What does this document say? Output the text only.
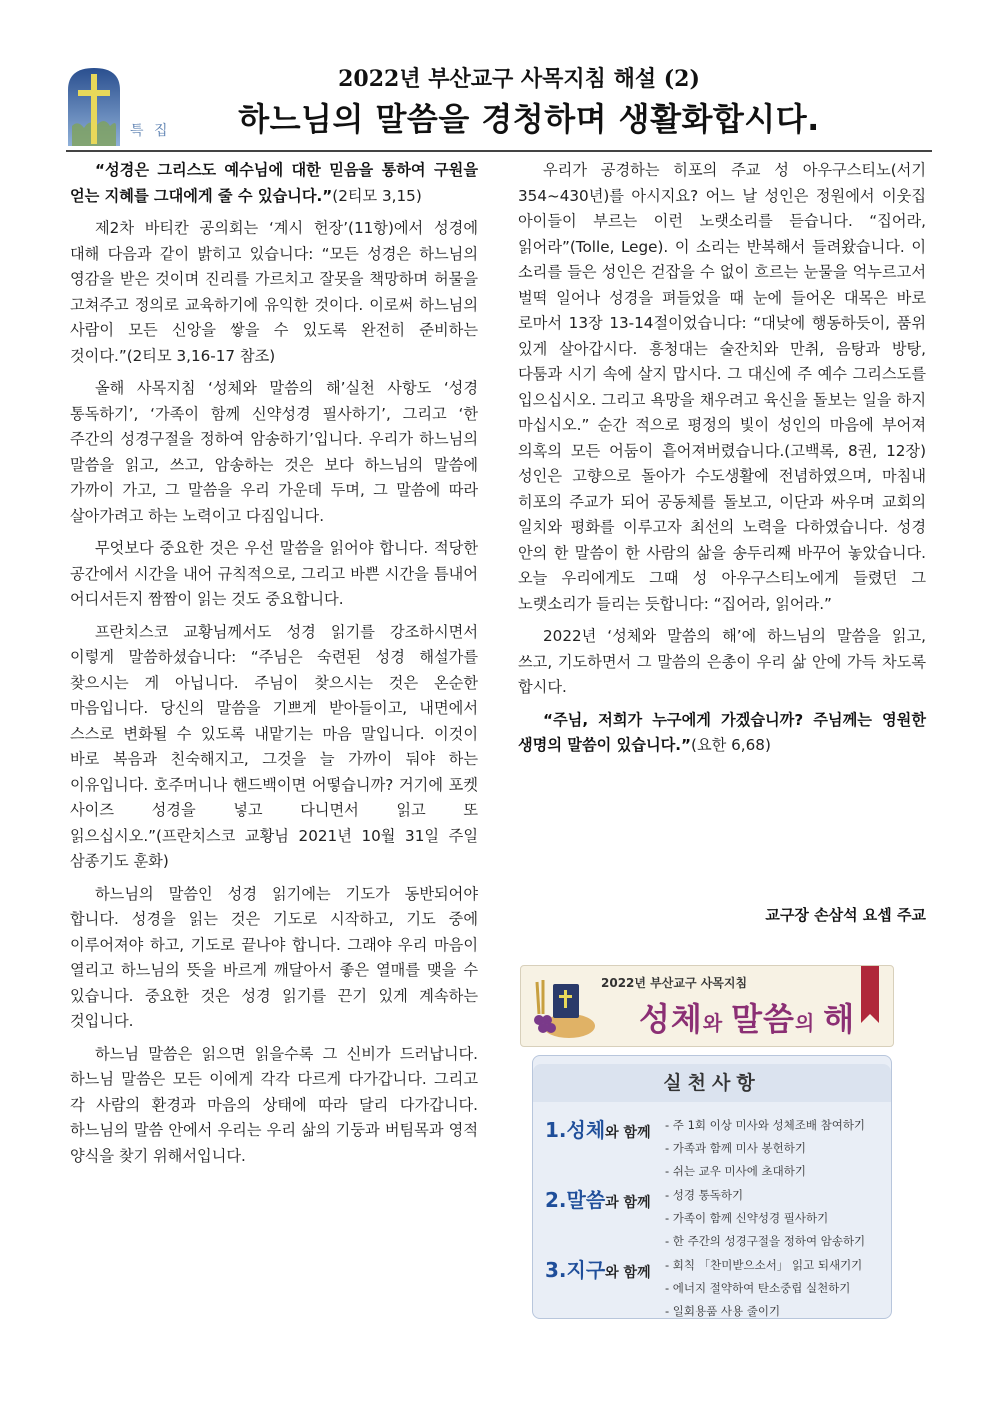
특 집
2022년 부산교구 사목지침 해설 (2)
하느님의 말씀을 경청하며 생활화합시다.

“성경은 그리스도 예수님에 대한 믿음을 통하여 구원을 얻는 지혜를 그대에게 줄 수 있습니다.”(2티모 3,15)

제2차 바티칸 공의회는 ‘계시 헌장’(11항)에서 성경에 대해 다음과 같이 밝히고 있습니다: “모든 성경은 하느님의 영감을 받은 것이며 진리를 가르치고 잘못을 책망하며 허물을 고쳐주고 정의로 교육하기에 유익한 것이다. 이로써 하느님의 사람이 모든 신앙을 쌓을 수 있도록 완전히 준비하는 것이다.”(2티모 3,16-17 참조)

올해 사목지침 ‘성체와 말씀의 해’실천 사항도 ‘성경 통독하기’, ‘가족이 함께 신약성경 필사하기’, 그리고 ‘한 주간의 성경구절을 정하여 암송하기’입니다. 우리가 하느님의 말씀을 읽고, 쓰고, 암송하는 것은 보다 하느님의 말씀에 가까이 가고, 그 말씀을 우리 가운데 두며, 그 말씀에 따라 살아가려고 하는 노력이고 다짐입니다.

무엇보다 중요한 것은 우선 말씀을 읽어야 합니다. 적당한 공간에서 시간을 내어 규칙적으로, 그리고 바쁜 시간을 틈내어 어디서든지 짬짬이 읽는 것도 중요합니다.

프란치스코 교황님께서도 성경 읽기를 강조하시면서 이렇게 말씀하셨습니다: “주님은 숙련된 성경 해설가를 찾으시는 게 아닙니다. 주님이 찾으시는 것은 온순한 마음입니다. 당신의 말씀을 기쁘게 받아들이고, 내면에서 스스로 변화될 수 있도록 내맡기는 마음 말입니다. 이것이 바로 복음과 친숙해지고, 그것을 늘 가까이 둬야 하는 이유입니다. 호주머니나 핸드백이면 어떻습니까? 거기에 포켓 사이즈 성경을 넣고 다니면서 읽고 또 읽으십시오.”(프란치스코 교황님 2021년 10월 31일 주일 삼종기도 훈화)

하느님의 말씀인 성경 읽기에는 기도가 동반되어야 합니다. 성경을 읽는 것은 기도로 시작하고, 기도 중에 이루어져야 하고, 기도로 끝나야 합니다. 그래야 우리 마음이 열리고 하느님의 뜻을 바르게 깨달아서 좋은 열매를 맺을 수 있습니다. 중요한 것은 성경 읽기를 끈기 있게 계속하는 것입니다.

하느님 말씀은 읽으면 읽을수록 그 신비가 드러납니다. 하느님 말씀은 모든 이에게 각각 다르게 다가갑니다. 그리고 각 사람의 환경과 마음의 상태에 따라 달리 다가갑니다. 하느님의 말씀 안에서 우리는 우리 삶의 기둥과 버팀목과 영적 양식을 찾기 위해서입니다.

우리가 공경하는 히포의 주교 성 아우구스티노(서기 354~430년)를 아시지요? 어느 날 성인은 정원에서 이웃집 아이들이 부르는 이런 노랫소리를 듣습니다. “집어라, 읽어라”(Tolle, Lege). 이 소리는 반복해서 들려왔습니다. 이 소리를 들은 성인은 걷잡을 수 없이 흐르는 눈물을 억누르고서 벌떡 일어나 성경을 펴들었을 때 눈에 들어온 대목은 바로 로마서 13장 13-14절이었습니다: “대낮에 행동하듯이, 품위 있게 살아갑시다. 흥청대는 술잔치와 만취, 음탕과 방탕, 다툼과 시기 속에 살지 맙시다. 그 대신에 주 예수 그리스도를 입으십시오. 그리고 욕망을 채우려고 육신을 돌보는 일을 하지 마십시오.” 순간 적으로 평정의 빛이 성인의 마음에 부어져 의혹의 모든 어둠이 흩어져버렸습니다.(고백록, 8권, 12장) 성인은 고향으로 돌아가 수도생활에 전념하였으며, 마침내 히포의 주교가 되어 공동체를 돌보고, 이단과 싸우며 교회의 일치와 평화를 이루고자 최선의 노력을 다하였습니다. 성경 안의 한 말씀이 한 사람의 삶을 송두리째 바꾸어 놓았습니다. 오늘 우리에게도 그때 성 아우구스티노에게 들렸던 그 노랫소리가 들리는 듯합니다: “집어라, 읽어라.”

2022년 ‘성체와 말씀의 해’에 하느님의 말씀을 읽고, 쓰고, 기도하면서 그 말씀의 은총이 우리 삶 안에 가득 차도록 합시다.

“주님, 저희가 누구에게 가겠습니까? 주님께는 영원한 생명의 말씀이 있습니다.”(요한 6,68)

교구장 손삼석 요셉 주교
2022년 부산교구 사목지침
성체와 말씀의 해
실천사항
1.성체와 함께 - 주 1회 이상 미사와 성체조배 참여하기
- 가족과 함께 미사 봉헌하기
- 쉬는 교우 미사에 초대하기
2.말씀과 함께 - 성경 통독하기
- 가족이 함께 신약성경 필사하기
- 한 주간의 성경구절을 정하여 암송하기
3.지구와 함께 - 회칙 「찬미받으소서」 읽고 되새기기
- 에너지 절약하여 탄소중립 실천하기
- 일회용품 사용 줄이기
